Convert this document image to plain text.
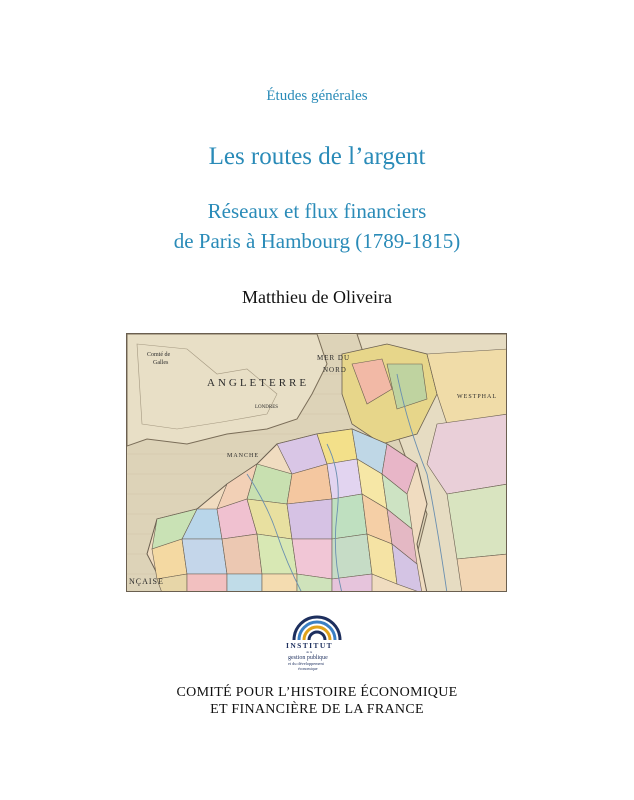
Études générales
Les routes de l’argent
Réseaux et flux financiers
de Paris à Hambourg (1789-1815)
Matthieu de Oliveira
MER DU
NORD
ANGLETERRE
Comté de
Galles
LONDRES
MANCHE
WESTPHAL
NÇAISE
INSTITUT
de la
gestion publique
et du développement
économique
COMITÉ POUR L’HISTOIRE ÉCONOMIQUE
ET FINANCIÈRE DE LA FRANCE
